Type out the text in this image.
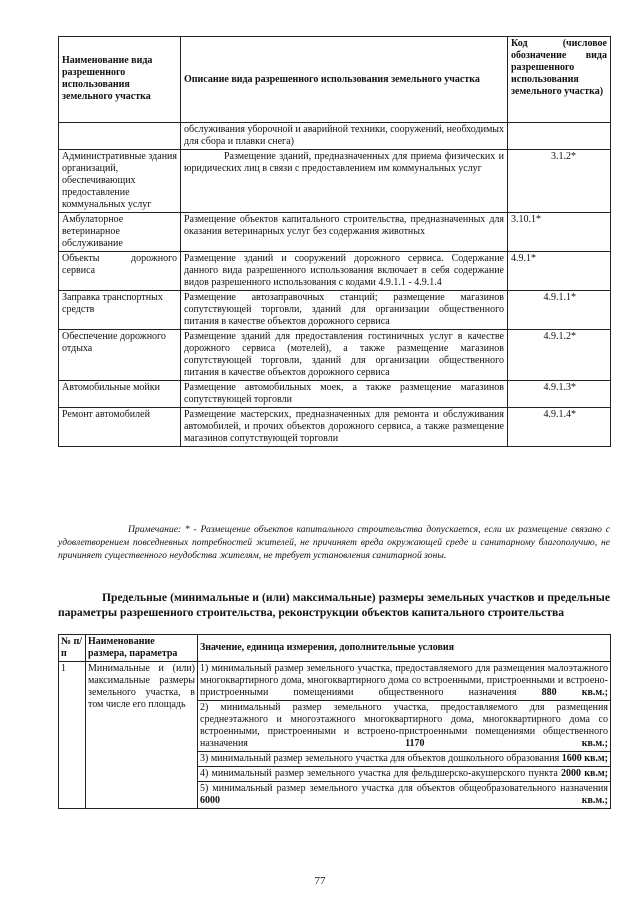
Наименование вида разрешенного использования земельного участка	Описание вида разрешенного использования земельного участка	Код (числовое обозначение вида разрешенного использования земельного участка)
	обслуживания уборочной и аварийной техники, сооружений, необходимых для сбора и плавки снега)	
Административные здания организаций, обеспечивающих предоставление коммунальных услуг	Размещение зданий, предназначенных для приема физических и юридических лиц в связи с предоставлением им коммунальных услуг	3.1.2*
Амбулаторное ветеринарное обслуживание	Размещение объектов капитального строительства, предназначенных для оказания ветеринарных услуг без содержания животных	3.10.1*
Объекты дорожного сервиса	Размещение зданий и сооружений дорожного сервиса. Содержание данного вида разрешенного использования включает в себя содержание видов разрешенного использования с кодами 4.9.1.1 - 4.9.1.4	4.9.1*
Заправка транспортных средств	Размещение автозаправочных станций; размещение магазинов сопутствующей торговли, зданий для организации общественного питания в качестве объектов дорожного сервиса	4.9.1.1*
Обеспечение дорожного отдыха	Размещение зданий для предоставления гостиничных услуг в качестве дорожного сервиса (мотелей), а также размещение магазинов сопутствующей торговли, зданий для организации общественного питания в качестве объектов дорожного сервиса	4.9.1.2*
Автомобильные мойки	Размещение автомобильных моек, а также размещение магазинов сопутствующей торговли	4.9.1.3*
Ремонт автомобилей	Размещение мастерских, предназначенных для ремонта и обслуживания автомобилей, и прочих объектов дорожного сервиса, а также размещение магазинов сопутствующей торговли	4.9.1.4*

Примечание: * - Размещение объектов капитального строительства допускается, если их размещение связано с удовлетворением повседневных потребностей жителей, не причиняет вреда окружающей среде и санитарному благополучию, не причиняет существенного неудобства жителям, не требует установления санитарной зоны.

Предельные (минимальные и (или) максимальные) размеры земельных участков и предельные параметры разрешенного строительства, реконструкции объектов капитального строительства

№ п/п	Наименование размера, параметра	Значение, единица измерения, дополнительные условия
1	Минимальные и (или) максимальные размеры земельного участка, в том числе его площадь	1) минимальный размер земельного участка, предоставляемого для размещения малоэтажного многоквартирного дома, многоквартирного дома со встроенными, пристроенными и встроено-пристроенными помещениями общественного назначения 880 кв.м.;
2) минимальный размер земельного участка, предоставляемого для размещения среднеэтажного и многоэтажного многоквартирного дома, многоквартирного дома со встроенными, пристроенными и встроено-пристроенными помещениями общественного назначения 1170 кв.м.;
3) минимальный размер земельного участка для объектов дошкольного образования 1600 кв.м;
4) минимальный размер земельного участка для фельдшерско-акушерского пункта 2000 кв.м;
5) минимальный размер земельного участка для объектов общеобразовательного назначения 6000 кв.м.;
77
